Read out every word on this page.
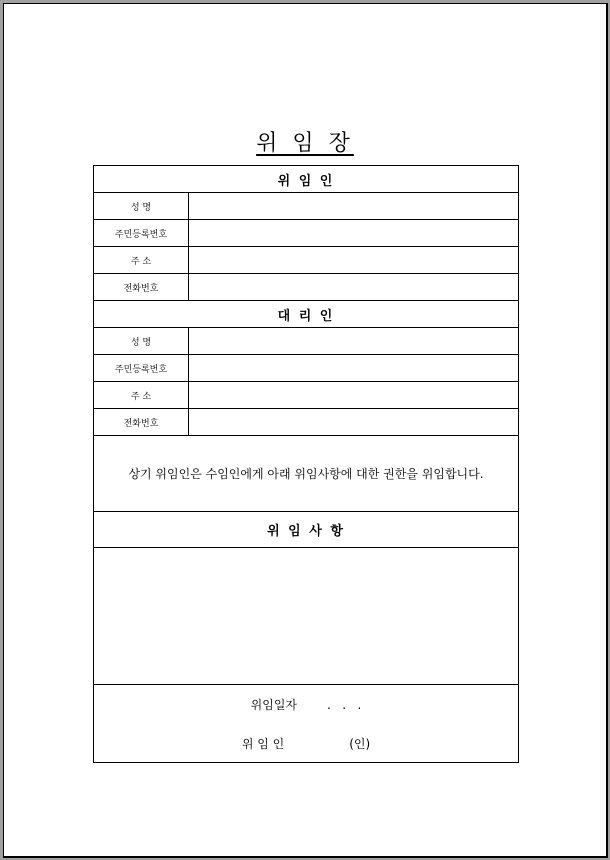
위 임 장
위 임 인	
성 명	
주민등록번호	
주 소	
전화번호	
대 리 인	
성 명	
주민등록번호	
주 소	
전화번호	
상기 위임인은 수임인에게 아래 위임사항에 대한 권한을 위임합니다.	
위 임 사 항	

위임일자 .   .   .
위 임 인 (인)	
